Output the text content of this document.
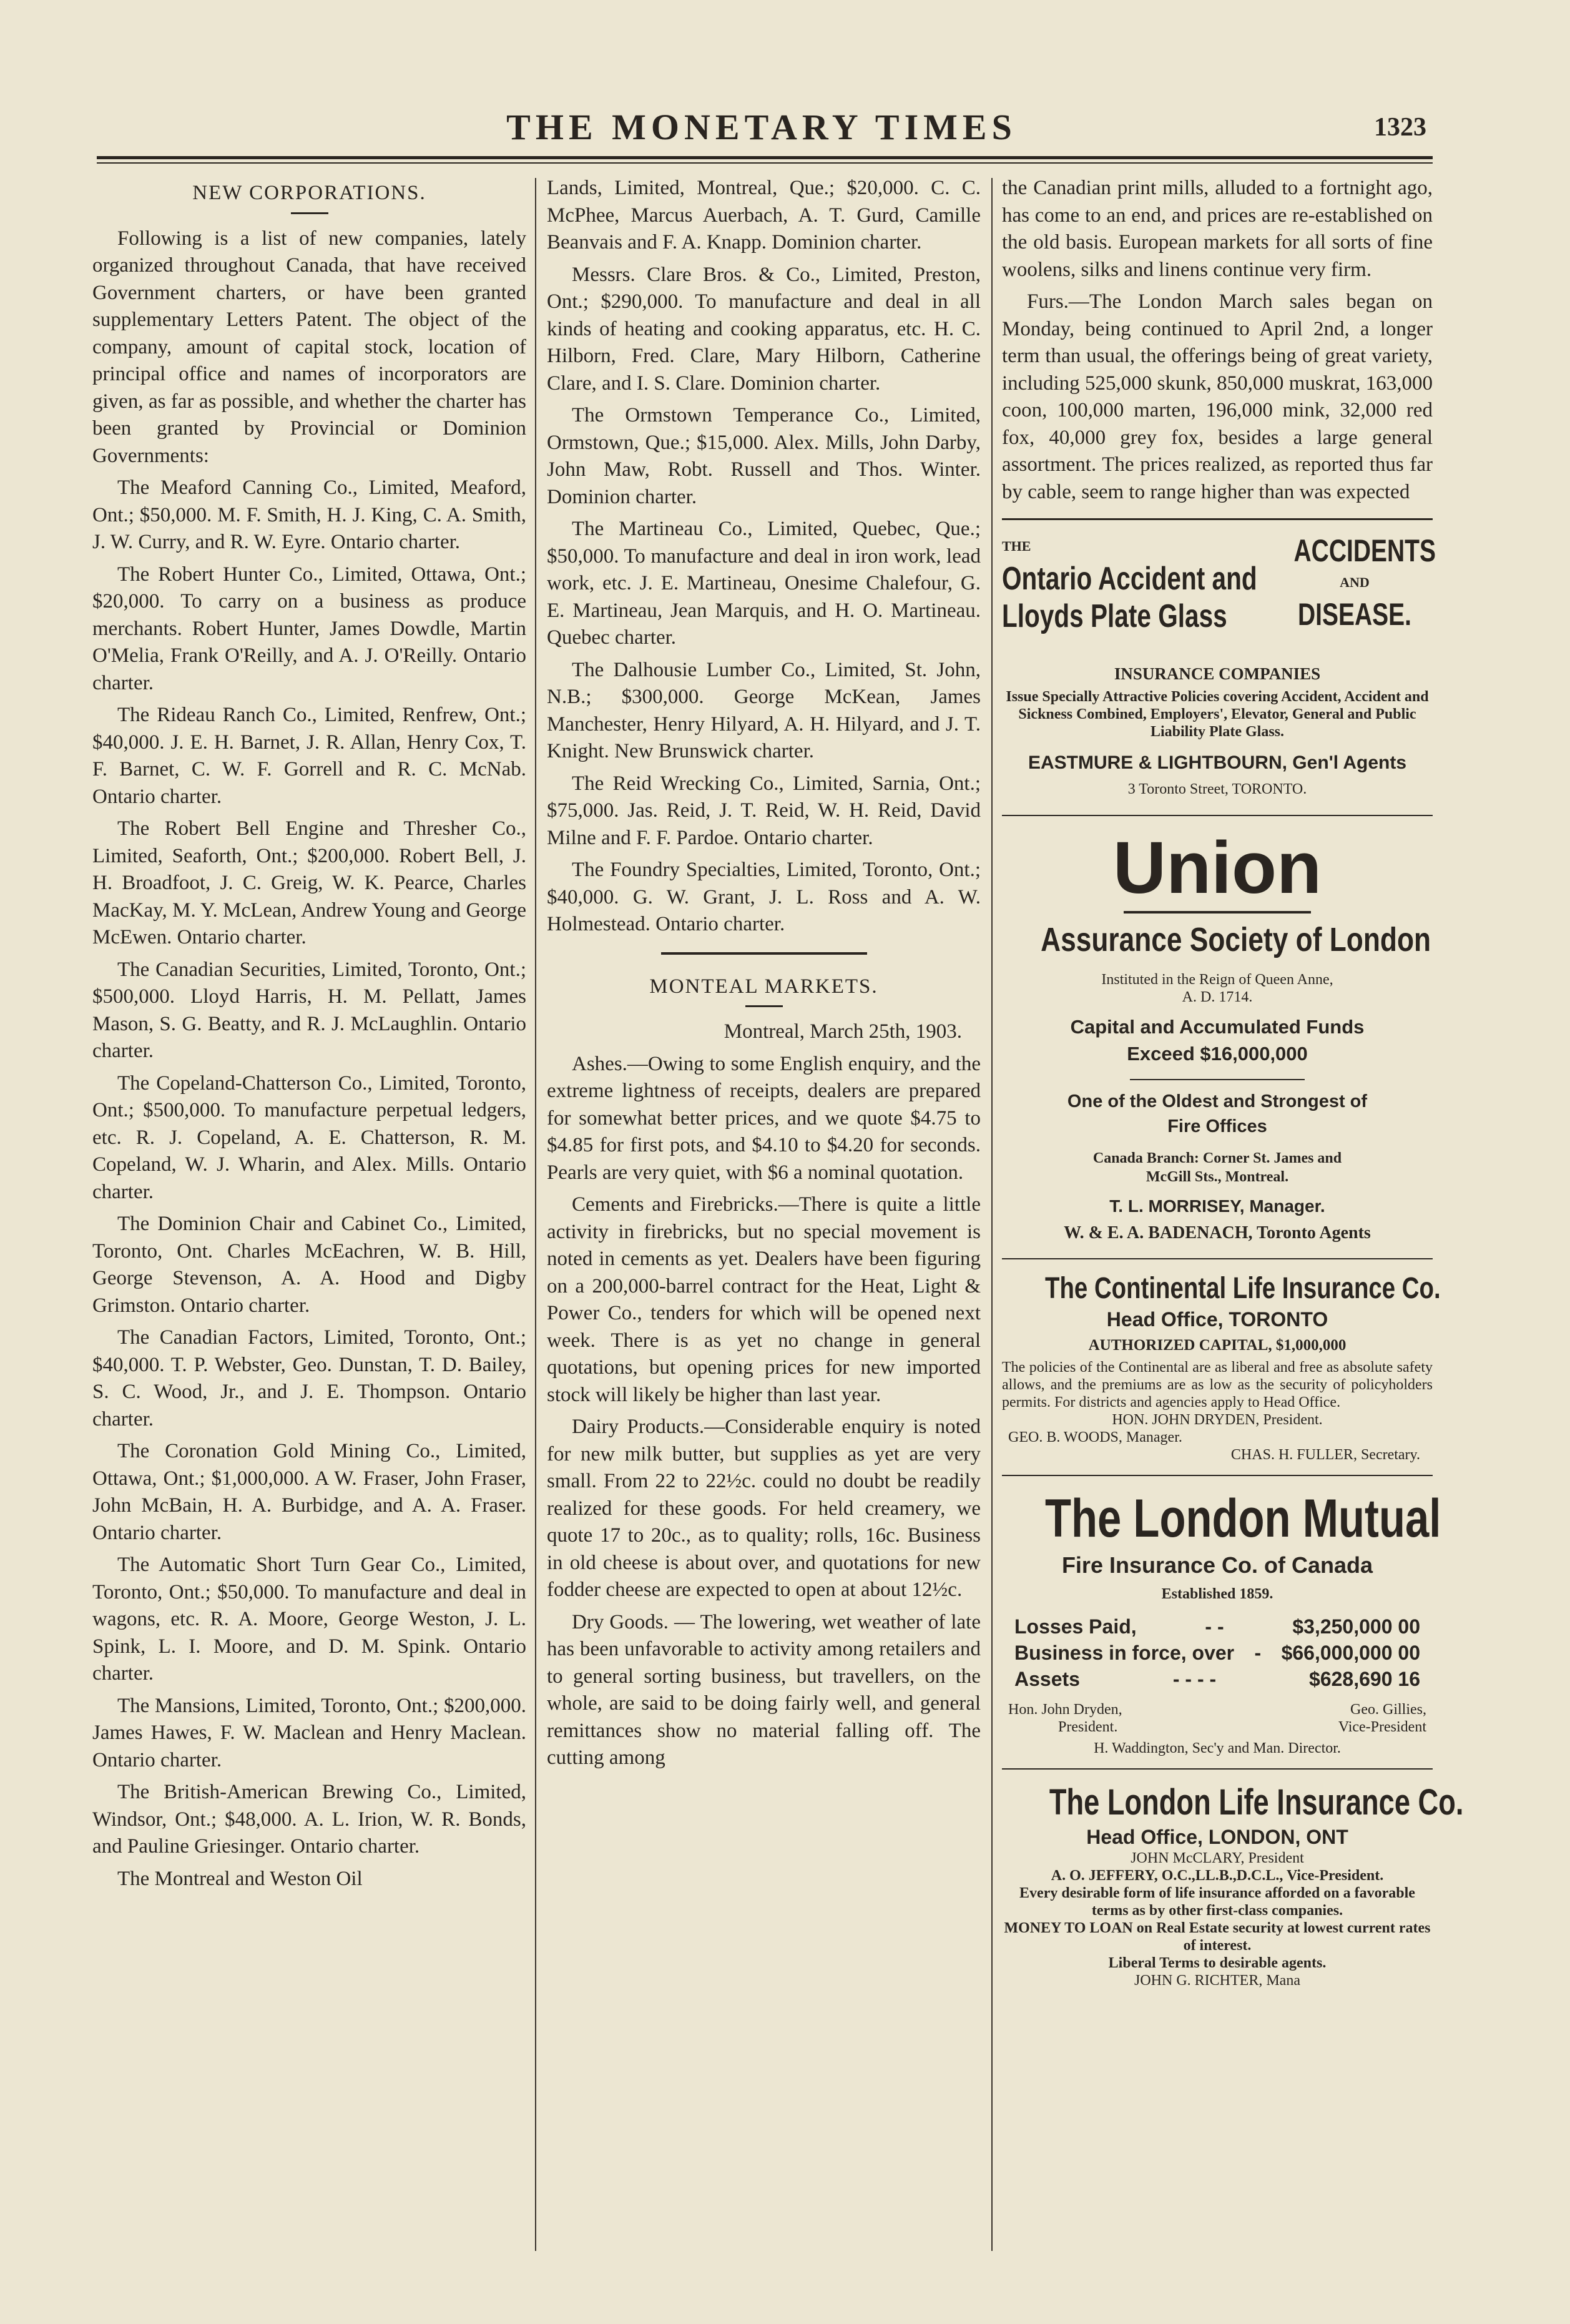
THE MONETARY TIMES	1323
NEW CORPORATIONS.

Following is a list of new companies, lately organized throughout Canada, that have received Government charters, or have been granted supplementary Letters Patent. The object of the company, amount of capital stock, location of principal office and names of incorporators are given, as far as possible, and whether the charter has been granted by Provincial or Dominion Governments:

The Meaford Canning Co., Limited, Meaford, Ont.; $50,000. M. F. Smith, H. J. King, C. A. Smith, J. W. Curry, and R. W. Eyre. Ontario charter.

The Robert Hunter Co., Limited, Ottawa, Ont.; $20,000. To carry on a business as produce merchants. Robert Hunter, James Dowdle, Martin O'Melia, Frank O'Reilly, and A. J. O'Reilly. Ontario charter.

The Rideau Ranch Co., Limited, Renfrew, Ont.; $40,000. J. E. H. Barnet, J. R. Allan, Henry Cox, T. F. Barnet, C. W. F. Gorrell and R. C. McNab. Ontario charter.

The Robert Bell Engine and Thresher Co., Limited, Seaforth, Ont.; $200,000. Robert Bell, J. H. Broadfoot, J. C. Greig, W. K. Pearce, Charles MacKay, M. Y. McLean, Andrew Young and George McEwen. Ontario charter.

The Canadian Securities, Limited, Toronto, Ont.; $500,000. Lloyd Harris, H. M. Pellatt, James Mason, S. G. Beatty, and R. J. McLaughlin. Ontario charter.

The Copeland-Chatterson Co., Limited, Toronto, Ont.; $500,000. To manufacture perpetual ledgers, etc. R. J. Copeland, A. E. Chatterson, R. M. Copeland, W. J. Wharin, and Alex. Mills. Ontario charter.

The Dominion Chair and Cabinet Co., Limited, Toronto, Ont. Charles McEachren, W. B. Hill, George Stevenson, A. A. Hood and Digby Grimston. Ontario charter.

The Canadian Factors, Limited, Toronto, Ont.; $40,000. T. P. Webster, Geo. Dunstan, T. D. Bailey, S. C. Wood, Jr., and J. E. Thompson. Ontario charter.

The Coronation Gold Mining Co., Limited, Ottawa, Ont.; $1,000,000. A W. Fraser, John Fraser, John McBain, H. A. Burbidge, and A. A. Fraser. Ontario charter.

The Automatic Short Turn Gear Co., Limited, Toronto, Ont.; $50,000. To manufacture and deal in wagons, etc. R. A. Moore, George Weston, J. L. Spink, L. I. Moore, and D. M. Spink. Ontario charter.

The Mansions, Limited, Toronto, Ont.; $200,000. James Hawes, F. W. Maclean and Henry Maclean. Ontario charter.

The British-American Brewing Co., Limited, Windsor, Ont.; $48,000. A. L. Irion, W. R. Bonds, and Pauline Griesinger. Ontario charter.

The Montreal and Weston Oil

Lands, Limited, Montreal, Que.; $20,000. C. C. McPhee, Marcus Auerbach, A. T. Gurd, Camille Beanvais and F. A. Knapp. Dominion charter.

Messrs. Clare Bros. & Co., Limited, Preston, Ont.; $290,000. To manufacture and deal in all kinds of heating and cooking apparatus, etc. H. C. Hilborn, Fred. Clare, Mary Hilborn, Catherine Clare, and I. S. Clare. Dominion charter.

The Ormstown Temperance Co., Limited, Ormstown, Que.; $15,000. Alex. Mills, John Darby, John Maw, Robt. Russell and Thos. Winter. Dominion charter.

The Martineau Co., Limited, Quebec, Que.; $50,000. To manufacture and deal in iron work, lead work, etc. J. E. Martineau, Onesime Chalefour, G. E. Martineau, Jean Marquis, and H. O. Martineau. Quebec charter.

The Dalhousie Lumber Co., Limited, St. John, N.B.; $300,000. George McKean, James Manchester, Henry Hilyard, A. H. Hilyard, and J. T. Knight. New Brunswick charter.

The Reid Wrecking Co., Limited, Sarnia, Ont.; $75,000. Jas. Reid, J. T. Reid, W. H. Reid, David Milne and F. F. Pardoe. Ontario charter.

The Foundry Specialties, Limited, Toronto, Ont.; $40,000. G. W. Grant, J. L. Ross and A. W. Holmestead. Ontario charter.

MONTEAL MARKETS.

Montreal, March 25th, 1903.

Ashes.—Owing to some English enquiry, and the extreme lightness of receipts, dealers are prepared for somewhat better prices, and we quote $4.75 to $4.85 for first pots, and $4.10 to $4.20 for seconds. Pearls are very quiet, with $6 a nominal quotation.

Cements and Firebricks.—There is quite a little activity in firebricks, but no special movement is noted in cements as yet. Dealers have been figuring on a 200,000-barrel contract for the Heat, Light & Power Co., tenders for which will be opened next week. There is as yet no change in general quotations, but opening prices for new imported stock will likely be higher than last year.

Dairy Products.—Considerable enquiry is noted for new milk butter, but supplies as yet are very small. From 22 to 22½c. could no doubt be readily realized for these goods. For held creamery, we quote 17 to 20c., as to quality; rolls, 16c. Business in old cheese is about over, and quotations for new fodder cheese are expected to open at about 12½c.

Dry Goods. — The lowering, wet weather of late has been unfavorable to activity among retailers and to general sorting business, but travellers, on the whole, are said to be doing fairly well, and general remittances show no material falling off. The cutting among

the Canadian print mills, alluded to a fortnight ago, has come to an end, and prices are re-established on the old basis. European markets for all sorts of fine woolens, silks and linens continue very firm.

Furs.—The London March sales began on Monday, being continued to April 2nd, a longer term than usual, the offerings being of great variety, including 525,000 skunk, 850,000 muskrat, 163,000 coon, 100,000 marten, 196,000 mink, 32,000 red fox, 40,000 grey fox, besides a large general assortment. The prices realized, as reported thus far by cable, seem to range higher than was expected

THE
Ontario Accident and
Lloyds Plate Glass
ACCIDENTS
AND
DISEASE.
INSURANCE COMPANIES
Issue Specially Attractive Policies covering Accident, Accident and Sickness Combined, Employers', Elevator, General and Public Liability Plate Glass.
EASTMURE & LIGHTBOURN, Gen'l Agents
3 Toronto Street, TORONTO.
Union
Assurance Society of London
Instituted in the Reign of Queen Anne,
A. D. 1714.
Capital and Accumulated Funds
Exceed $16,000,000
One of the Oldest and Strongest of
Fire Offices
Canada Branch: Corner St. James and
McGill Sts., Montreal.
T. L. MORRISEY, Manager.
W. & E. A. BADENACH, Toronto Agents
The Continental Life Insurance Co.
Head Office, TORONTO
AUTHORIZED CAPITAL, $1,000,000
The policies of the Continental are as liberal and free as absolute safety allows, and the premiums are as low as the security of policyholders permits. For districts and agencies apply to Head Office.
HON. JOHN DRYDEN, President.
GEO. B. WOODS, Manager.
CHAS. H. FULLER, Secretary.
The London Mutual
Fire Insurance Co. of Canada
Established 1859.
Losses Paid,	- -	$3,250,000 00
Business in force, over - $66,000,000 00
Assets	- - - -	$628,690 16
Hon. John Dryden,	Geo. Gillies,
President.	Vice-President
H. Waddington, Sec'y and Man. Director.
The London Life Insurance Co.
Head Office, LONDON, ONT
JOHN McCLARY, President
A. O. JEFFERY, O.C.,LL.B.,D.C.L., Vice-President.
Every desirable form of life insurance afforded on a favorable terms as by other first-class companies.
MONEY TO LOAN on Real Estate security at lowest current rates of interest.
Liberal Terms to desirable agents.
JOHN G. RICHTER, Mana
